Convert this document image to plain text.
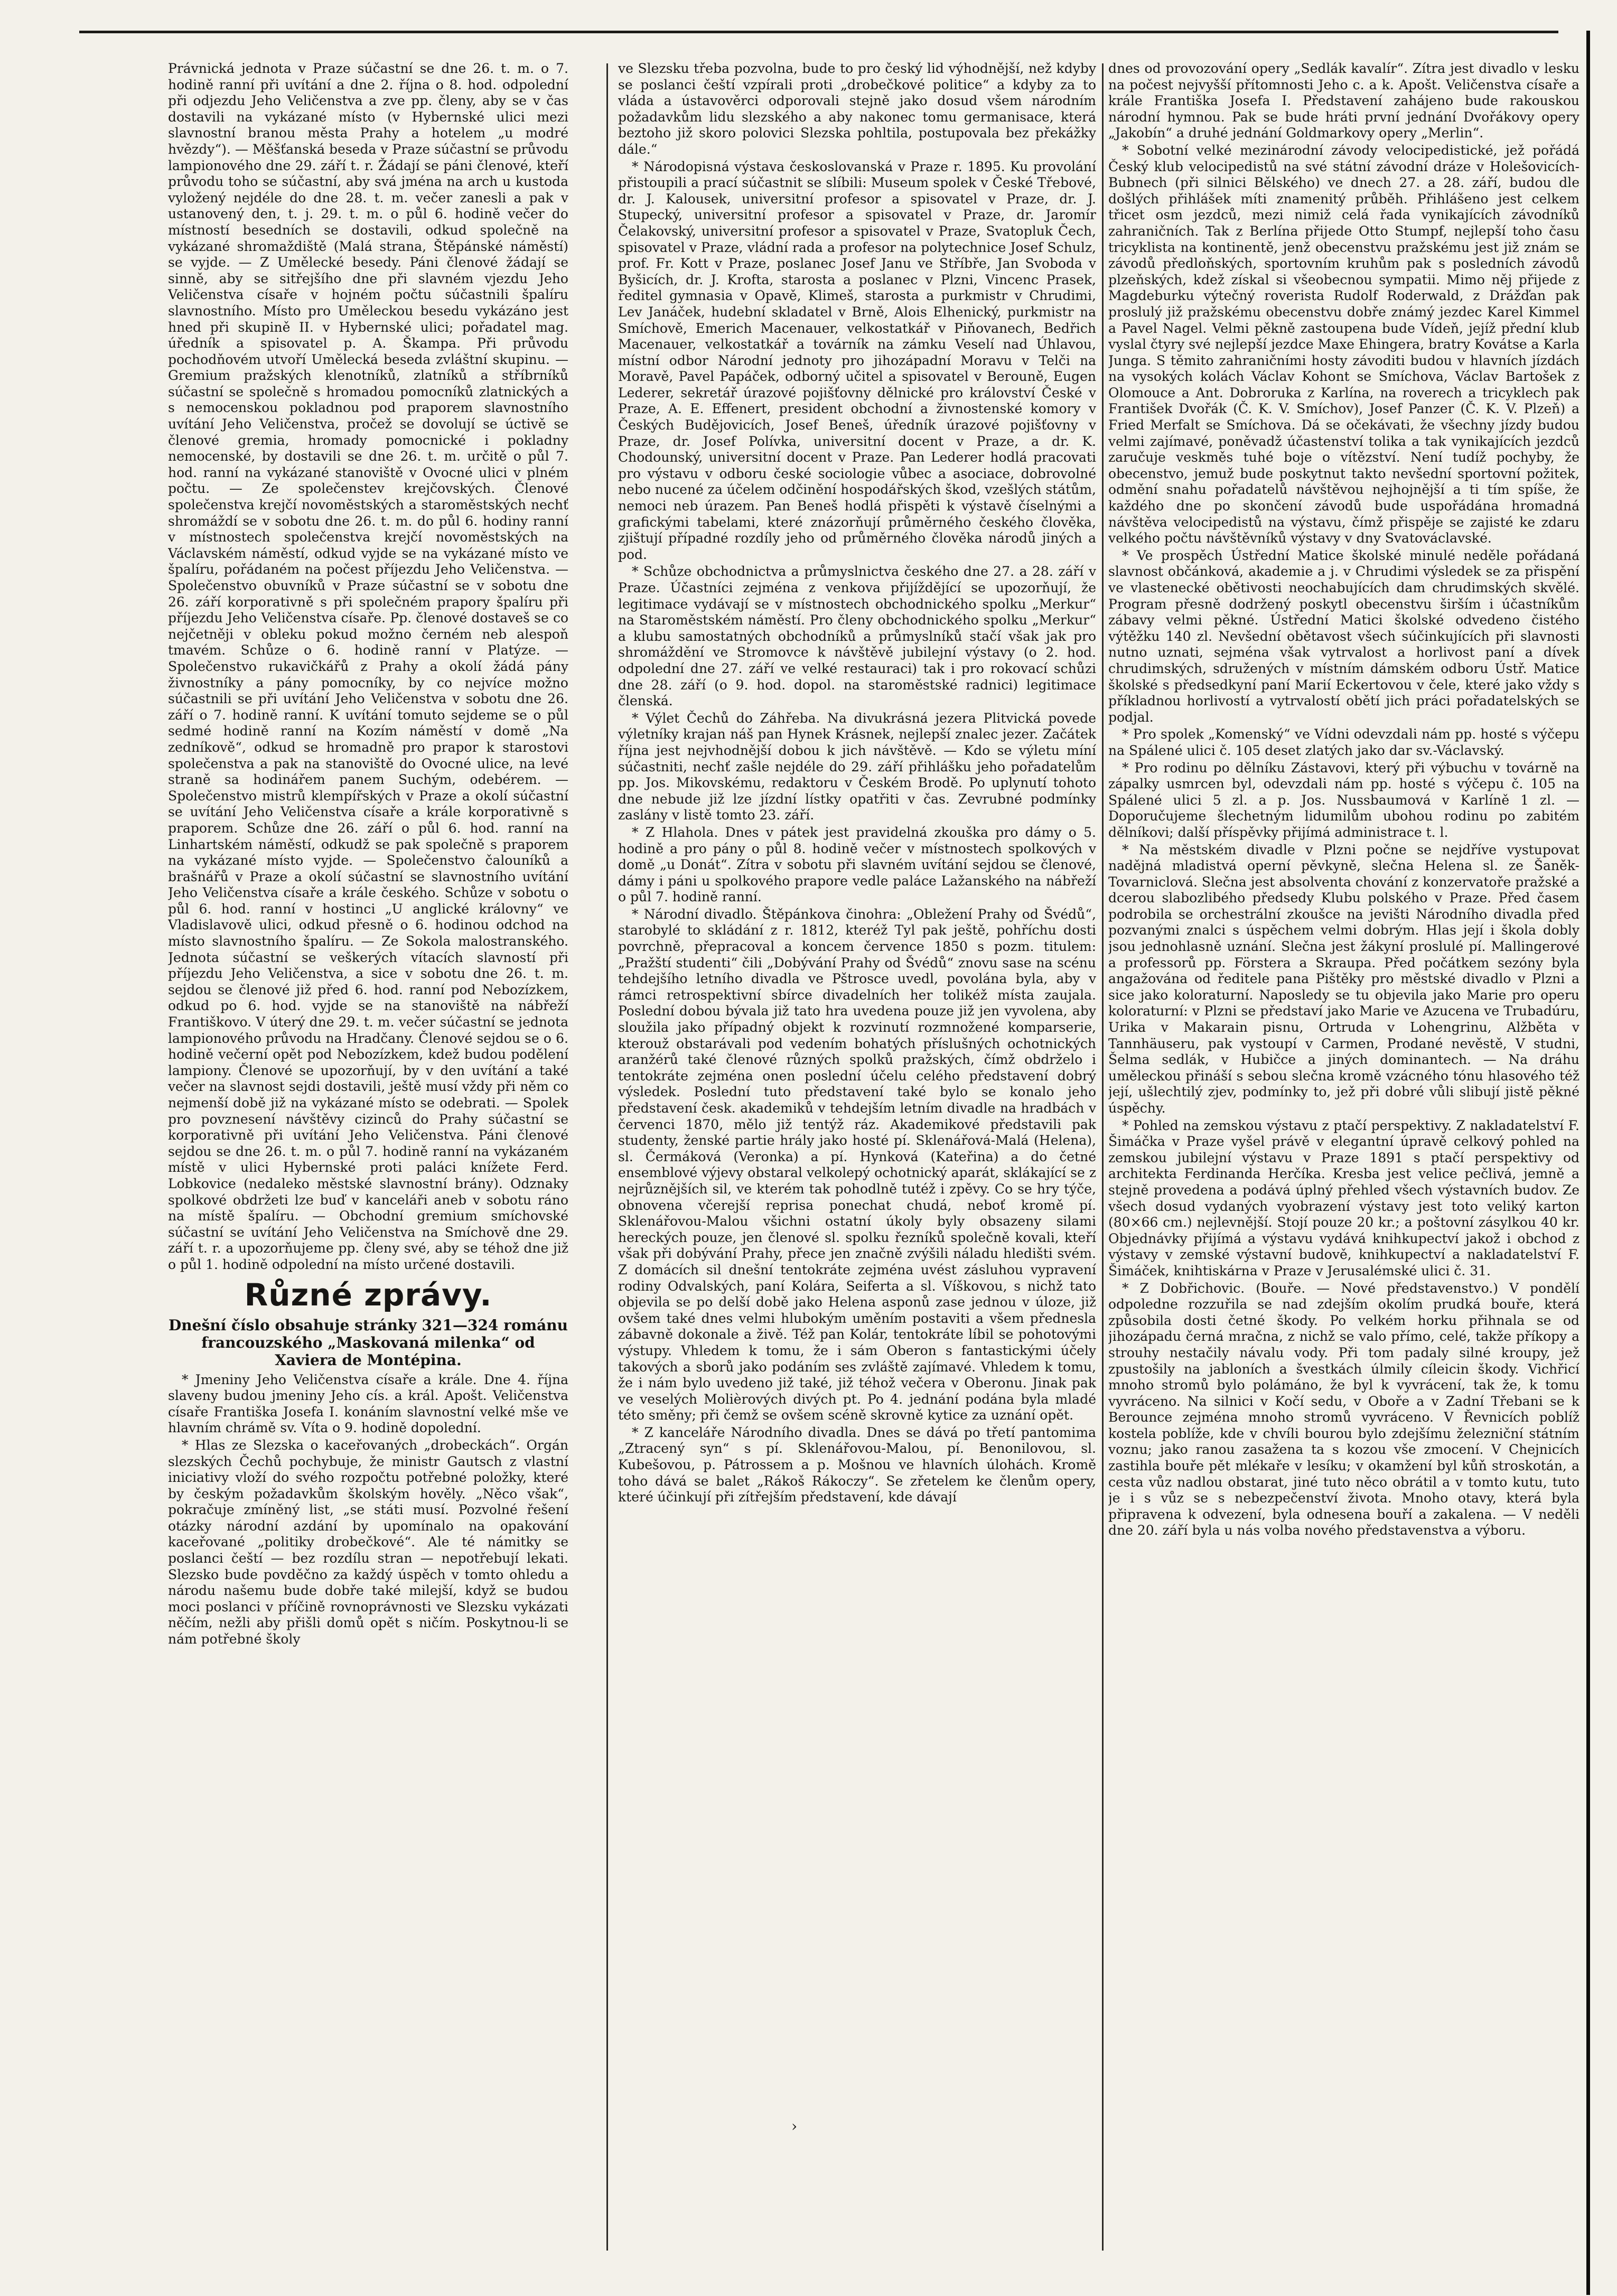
Právnická jednota v Praze súčastní se dne 26. t. m. o 7. hodině ranní při uvítání a dne 2. října o 8. hod. odpolední při odjezdu Jeho Veličenstva a zve pp. členy, aby se v čas dostavili na vykázané místo (v Hybernské ulici mezi slavnostní branou města Prahy a hotelem „u modré hvězdy“). — Měšťanská beseda v Praze súčastní se průvodu lampionového dne 29. září t. r. Žádají se páni členové, kteří průvodu toho se súčastní, aby svá jména na arch u kustoda vyložený nejdéle do dne 28. t. m. večer zanesli a pak v ustanovený den, t. j. 29. t. m. o půl 6. hodině večer do místností besedních se dostavili, odkud společně na vykázané shromaždiště (Malá strana, Štěpánské náměstí) se vyjde. — Z Umělecké besedy. Páni členové žádají se sinně, aby se sitřejšího dne při slavném vjezdu Jeho Veličenstva císaře v hojném počtu súčastnili špalíru slavnostního. Místo pro Uměleckou besedu vykázáno jest hned při skupině II. v Hybernské ulici; pořadatel mag. úředník a spisovatel p. A. Škampa. Při průvodu pochodňovém utvoří Umělecká beseda zvláštní skupinu. — Gremium pražských klenotníků, zlatníků a stříbrníků súčastní se společně s hromadou pomocníků zlatnických a s nemocenskou pokladnou pod praporem slavnostního uvítání Jeho Veličenstva, pročež se dovolují se úctivě se členové gremia, hromady pomocnické i pokladny nemocenské, by dostavili se dne 26. t. m. určitě o půl 7. hod. ranní na vykázané stanoviště v Ovocné ulici v plném počtu. — Ze společenstev krejčovských. Členové společenstva krejčí novoměstských a staroměstských nechť shromáždí se v sobotu dne 26. t. m. do půl 6. hodiny ranní v místnostech společenstva krejčí novoměstských na Václavském náměstí, odkud vyjde se na vykázané místo ve špalíru, pořádaném na počest příjezdu Jeho Veličenstva. — Společenstvo obuvníků v Praze súčastní se v sobotu dne 26. září korporativně s při společném prapory špalíru při příjezdu Jeho Veličenstva císaře. Pp. členové dostaveš se co nejčetněji v obleku pokud možno černém neb alespoň tmavém. Schůze o 6. hodině ranní v Platýze. — Společenstvo rukavičkářů z Prahy a okolí žádá pány živnostníky a pány pomocníky, by co nejvíce možno súčastnili se při uvítání Jeho Veličenstva v sobotu dne 26. září o 7. hodině ranní. K uvítání tomuto sejdeme se o půl sedmé hodině ranní na Kozím náměstí v domě „Na zedníkově“, odkud se hromadně pro prapor k starostovi společenstva a pak na stanoviště do Ovocné ulice, na levé straně sa hodinářem panem Suchým, odebérem. — Společenstvo mistrů klempířských v Praze a okolí súčastní se uvítání Jeho Veličenstva císaře a krále korporativně s praporem. Schůze dne 26. září o půl 6. hod. ranní na Linhartském náměstí, odkudž se pak společně s praporem na vykázané místo vyjde. — Společenstvo čalouníků a brašnářů v Praze a okolí súčastní se slavnostního uvítání Jeho Veličenstva císaře a krále českého. Schůze v sobotu o půl 6. hod. ranní v hostinci „U anglické královny“ ve Vladislavově ulici, odkud přesně o 6. hodinou odchod na místo slavnostního špalíru. — Ze Sokola malostranského. Jednota súčastní se veškerých vítacích slavností při příjezdu Jeho Veličenstva, a sice v sobotu dne 26. t. m. sejdou se členové již před 6. hod. ranní pod Nebozízkem, odkud po 6. hod. vyjde se na stanoviště na nábřeží Františkovo. V úterý dne 29. t. m. večer súčastní se jednota lampionového průvodu na Hradčany. Členové sejdou se o 6. hodině večerní opět pod Nebozízkem, kdež budou podělení lampiony. Členové se upozorňují, by v den uvítání a také večer na slavnost sejdi dostavili, ještě musí vždy při něm co nejmenší době již na vykázané místo se odebrati. — Spolek pro povznesení návštěvy cizinců do Prahy súčastní se korporativně při uvítání Jeho Veličenstva. Páni členové sejdou se dne 26. t. m. o půl 7. hodině ranní na vykázaném místě v ulici Hybernské proti paláci knížete Ferd. Lobkovice (nedaleko městské slavnostní brány). Odznaky spolkové obdržeti lze buď v kanceláři aneb v sobotu ráno na místě špalíru. — Obchodní gremium smíchovské súčastní se uvítání Jeho Veličenstva na Smíchově dne 29. září t. r. a upozorňujeme pp. členy své, aby se téhož dne již o půl 1. hodině odpolední na místo určené dostavili.

Různé zprávy.
Dnešní číslo obsahuje stránky 321—324 románu francouzského „Maskovaná milenka“ od Xaviera de Montépina.

* Jmeniny Jeho Veličenstva císaře a krále. Dne 4. října slaveny budou jmeniny Jeho cís. a král. Apošt. Veličenstva císaře Františka Josefa I. konáním slavnostní velké mše ve hlavním chrámě sv. Víta o 9. hodině dopolední.

* Hlas ze Slezska o kaceřovaných „drobeckách“. Orgán slezských Čechů pochybuje, že ministr Gautsch z vlastní iniciativy vloží do svého rozpočtu potřebné položky, které by českým požadavkům školským hověly. „Něco však“, pokračuje zmíněný list, „se státi musí. Pozvolné řešení otázky národní azdání by upomínalo na opakování kaceřované „politiky drobečkové“. Ale té námitky se poslanci čeští — bez rozdílu stran — nepotřebují lekati. Slezsko bude povděčno za každý úspěch v tomto ohledu a národu našemu bude dobře také milejší, když se budou moci poslanci v příčině rovnoprávnosti ve Slezsku vykázati něčím, nežli aby přišli domů opět s ničím. Poskytnou-li se nám potřebné školy

ve Slezsku třeba pozvolna, bude to pro český lid výhodnější, než kdyby se poslanci čeští vzpírali proti „drobečkové politice“ a kdyby za to vláda a ústavověrci odporovali stejně jako dosud všem národním požadavkům lidu slezského a aby nakonec tomu germanisace, která beztoho již skoro polovici Slezska pohltila, postupovala bez překážky dále.“

* Národopisná výstava českoslovanská v Praze r. 1895. Ku provolání přistoupili a prací súčastnit se slíbili: Museum spolek v České Třebové, dr. J. Kalousek, universitní profesor a spisovatel v Praze, dr. J. Stupecký, universitní profesor a spisovatel v Praze, dr. Jaromír Čelakovský, universitní profesor a spisovatel v Praze, Svatopluk Čech, spisovatel v Praze, vládní rada a profesor na polytechnice Josef Schulz, prof. Fr. Kott v Praze, poslanec Josef Janu ve Stříbře, Jan Svoboda v Byšicích, dr. J. Krofta, starosta a poslanec v Plzni, Vincenc Prasek, ředitel gymnasia v Opavě, Klimeš, starosta a purkmistr v Chrudimi, Lev Janáček, hudební skladatel v Brně, Alois Elhenický, purkmistr na Smíchově, Emerich Macenauer, velkostatkář v Piňovanech, Bedřich Macenauer, velkostatkář a továrník na zámku Veselí nad Úhlavou, místní odbor Národní jednoty pro jihozápadní Moravu v Telči na Moravě, Pavel Papáček, odborný učitel a spisovatel v Berouně, Eugen Lederer, sekretář úrazové pojišťovny dělnické pro království České v Praze, A. E. Effenert, president obchodní a živnostenské komory v Českých Budějovicích, Josef Beneš, úředník úrazové pojišťovny v Praze, dr. Josef Polívka, universitní docent v Praze, a dr. K. Chodounský, universitní docent v Praze. Pan Lederer hodlá pracovati pro výstavu v odboru české sociologie vůbec a asociace, dobrovolné nebo nucené za účelem odčinění hospodářských škod, vzešlých státům, nemoci neb úrazem. Pan Beneš hodlá přispěti k výstavě číselnými a grafickými tabelami, které znázorňují průměrného českého člověka, zjištují případné rozdíly jeho od průměrného člověka národů jiných a pod.

* Schůze obchodnictva a průmyslnictva českého dne 27. a 28. září v Praze. Účastníci zejména z venkova přijíždějící se upozorňují, že legitimace vydávají se v místnostech obchodnického spolku „Merkur“ na Staroměstském náměstí. Pro členy obchodnického spolku „Merkur“ a klubu samostatných obchodníků a průmyslníků stačí však jak pro shromáždění ve Stromovce k návštěvě jubilejní výstavy (o 2. hod. odpolední dne 27. září ve velké restauraci) tak i pro rokovací schůzi dne 28. září (o 9. hod. dopol. na staroměstské radnici) legitimace členská.

* Výlet Čechů do Záhřeba. Na divukrásná jezera Plitvická povede výletníky krajan náš pan Hynek Krásnek, nejlepší znalec jezer. Začátek října jest nejvhodnější dobou k jich návštěvě. — Kdo se výletu míní súčastniti, nechť zašle nejdéle do 29. září přihlášku jeho pořadatelům pp. Jos. Mikovskému, redaktoru v Českém Brodě. Po uplynutí tohoto dne nebude již lze jízdní lístky opatřiti v čas. Zevrubné podmínky zaslány v listě tomto 23. září.

* Z Hlahola. Dnes v pátek jest pravidelná zkouška pro dámy o 5. hodině a pro pány o půl 8. hodině večer v místnostech spolkových v domě „u Donát“. Zítra v sobotu při slavném uvítání sejdou se členové, dámy i páni u spolkového prapore vedle paláce Lažanského na nábřeží o půl 7. hodině ranní.

* Národní divadlo. Štěpánkova činohra: „Obležení Prahy od Švédů“, starobylé to skládání z r. 1812, kteréž Tyl pak ještě, pohříchu dosti povrchně, přepracoval a koncem července 1850 s pozm. titulem: „Pražští studenti“ čili „Dobývání Prahy od Švédů“ znovu sase na scénu tehdejšího letního divadla ve Pštrosce uvedl, povolána byla, aby v rámci retrospektivní sbírce divadelních her tolikéž místa zaujala. Poslední dobou bývala již tato hra uvedena pouze již jen vyvolena, aby sloužila jako případný objekt k rozvinutí rozmnožené komparserie, kterouž obstarávali pod vedením bohatých příslušných ochotnických aranžérů také členové různých spolků pražských, čímž obdrželo i tentokráte zejména onen poslední účelu celého představení dobrý výsledek. Poslední tuto představení také bylo se konalo jeho představení česk. akademiků v tehdejším letním divadle na hradbách v červenci 1870, mělo již tentýž ráz. Akademikové představili pak studenty, ženské partie hrály jako hosté pí. Sklenářová-Malá (Helena), sl. Čermáková (Veronka) a pí. Hynková (Kateřina) a do četné ensemblové výjevy obstaral velkolepý ochotnický aparát, sklákající se z nejrůznějších sil, ve kterém tak pohodlně tutéž i zpěvy. Co se hry týče, obnovena včerejší reprisa ponechat chudá, neboť kromě pí. Sklenářovou-Malou všichni ostatní úkoly byly obsazeny silami hereckých pouze, jen členové sl. spolku řezníků společně kovali, kteří však při dobývání Prahy, přece jen značně zvýšili náladu hledišti svém. Z domácích sil dnešní tentokráte zejména uvést zásluhou vypravení rodiny Odvalských, paní Kolára, Seiferta a sl. Víškovou, s nichž tato objevila se po delší době jako Helena asponů zase jednou v úloze, již ovšem také dnes velmi hlubokým uměním postaviti a všem přednesla zábavně dokonale a živě. Též pan Kolár, tentokráte líbil se pohotovými výstupy. Vhledem k tomu, že i sám Oberon s fantastickými účely takových a sborů jako podáním ses zvláště zajímavé. Vhledem k tomu, že i nám bylo uvedeno již také, již téhož večera v Oberonu. Jinak pak ve veselých Molièrových divých pt. Po 4. jednání podána byla mladé této směny; při čemž se ovšem scéně skrovně kytice za uznání opět.

* Z kanceláře Národního divadla. Dnes se dává po třetí pantomima „Ztracený syn“ s pí. Sklenářovou-Malou, pí. Benonilovou, sl. Kubešovou, p. Pátrossem a p. Mošnou ve hlavních úlohách. Kromě toho dává se balet „Rákoš Rákoczy“. Se zřetelem ke členům opery, které účinkují při zítřejším představení, kde dávají

dnes od provozování opery „Sedlák kavalír“. Zítra jest divadlo v lesku na počest nejvyšší přítomnosti Jeho c. a k. Apošt. Veličenstva císaře a krále Františka Josefa I. Představení zahájeno bude rakouskou národní hymnou. Pak se bude hráti první jednání Dvořákovy opery „Jakobín“ a druhé jednání Goldmarkovy opery „Merlin“.

* Sobotní velké mezinárodní závody velocipedistické, jež pořádá Český klub velocipedistů na své státní závodní dráze v Holešovicích-Bubnech (při silnici Bělského) ve dnech 27. a 28. září, budou dle došlých přihlášek míti znamenitý průběh. Přihlášeno jest celkem třicet osm jezdců, mezi nimiž celá řada vynikajících závodníků zahraničních. Tak z Berlína přijede Otto Stumpf, nejlepší toho času tricyklista na kontinentě, jenž obecenstvu pražskému jest již znám se závodů předloňských, sportovním kruhům pak s posledních závodů plzeňských, kdež získal si všeobecnou sympatii. Mimo něj přijede z Magdeburku výtečný roverista Rudolf Roderwald, z Drážďan pak proslulý již pražskému obecenstvu dobře známý jezdec Karel Kimmel a Pavel Nagel. Velmi pěkně zastoupena bude Vídeň, jejíž přední klub vyslal čtyry své nejlepší jezdce Maxe Ehingera, bratry Kovátse a Karla Junga. S těmito zahraničními hosty závoditi budou v hlavních jízdách na vysokých kolách Václav Kohont se Smíchova, Václav Bartošek z Olomouce a Ant. Dobroruka z Karlína, na roverech a tricyklech pak František Dvořák (Č. K. V. Smíchov), Josef Panzer (Č. K. V. Plzeň) a Fried Merfalt se Smíchova. Dá se očekávati, že všechny jízdy budou velmi zajímavé, poněvadž účastenství tolika a tak vynikajících jezdců zaručuje veskměs tuhé boje o vítězství. Není tudíž pochyby, že obecenstvo, jemuž bude poskytnut takto nevšední sportovní požitek, odmění snahu pořadatelů návštěvou nejhojnější a ti tím spíše, že každého dne po skončení závodů bude uspořádána hromadná návštěva velocipedistů na výstavu, čímž přispěje se zajisté ke zdaru velkého počtu návštěvníků výstavy v dny Svatováclavské.

* Ve prospěch Ústřední Matice školské minulé neděle pořádaná slavnost občánková, akademie a j. v Chrudimi výsledek se za přispění ve vlastenecké obětivosti neochabujících dam chrudimských skvělé. Program přesně dodržený poskytl obecenstvu širším i účastníkům zábavy velmi pěkné. Ústřední Matici školské odvedeno čistého výtěžku 140 zl. Nevšední obětavost všech súčinkujících při slavnosti nutno uznati, sejména však vytrvalost a horlivost paní a dívek chrudimských, sdružených v místním dámském odboru Ústř. Matice školské s předsedkyní paní Marií Eckertovou v čele, které jako vždy s příkladnou horlivostí a vytrvalostí obětí jich práci pořadatelských se podjal.

* Pro spolek „Komenský“ ve Vídni odevzdali nám pp. hosté s výčepu na Spálené ulici č. 105 deset zlatých jako dar sv.-Václavský.

* Pro rodinu po dělníku Zástavovi, který při výbuchu v továrně na zápalky usmrcen byl, odevzdali nám pp. hosté s výčepu č. 105 na Spálené ulici 5 zl. a p. Jos. Nussbaumová v Karlíně 1 zl. — Doporučujeme šlechetným lidumilům ubohou rodinu po zabitém dělníkovi; další příspěvky přijímá administrace t. l.

* Na městském divadle v Plzni počne se nejdříve vystupovat nadějná mladistvá operní pěvkyně, slečna Helena sl. ze Šaněk-Tovarniclová. Slečna jest absolventa chování z konzervatoře pražské a dcerou slabozlibého předsedy Klubu polského v Praze. Před časem podrobila se orchestrální zkoušce na jevišti Národního divadla před pozvanými znalci s úspěchem velmi dobrým. Hlas její i škola dobly jsou jednohlasně uznání. Slečna jest žákyní proslulé pí. Mallingerové a professorů pp. Förstera a Skraupa. Před počátkem sezóny byla angažována od ředitele pana Pištěky pro městské divadlo v Plzni a sice jako koloraturní. Naposledy se tu objevila jako Marie pro operu koloraturní: v Plzni se představí jako Marie ve Azucena ve Trubadúru, Urika v Makarain pisnu, Ortruda v Lohengrinu, Alžběta v Tannhäuseru, pak vystoupí v Carmen, Prodané nevěstě, V studni, Šelma sedlák, v Hubičce a jiných dominantech. — Na dráhu uměleckou přináší s sebou slečna kromě vzácného tónu hlasového též její, ušlechtilý zjev, podmínky to, jež při dobré vůli slibují jistě pěkné úspěchy.

* Pohled na zemskou výstavu z ptačí perspektivy. Z nakladatelství F. Šimáčka v Praze vyšel právě v elegantní úpravě celkový pohled na zemskou jubilejní výstavu v Praze 1891 s ptačí perspektivy od architekta Ferdinanda Herčíka. Kresba jest velice pečlivá, jemně a stejně provedena a podává úplný přehled všech výstavních budov. Ze všech dosud vydaných vyobrazení výstavy jest toto veliký karton (80×66 cm.) nejlevnější. Stojí pouze 20 kr.; a poštovní zásylkou 40 kr. Objednávky přijímá a výstavu vydává knihkupectví jakož i obchod z výstavy v zemské výstavní budově, knihkupectví a nakladatelství F. Šimáček, knihtiskárna v Praze v Jerusalémské ulici č. 31.

* Z Dobřichovic. (Bouře. — Nové představenstvo.) V pondělí odpoledne rozzuřila se nad zdejším okolím prudká bouře, která způsobila dosti četné škody. Po velkém horku přihnala se od jihozápadu černá mračna, z nichž se valo přímo, celé, takže příkopy a strouhy nestačily návalu vody. Při tom padaly silné kroupy, jež zpustošily na jabloních a švestkách úlmily cíleicin škody. Vichřicí mnoho stromů bylo polámáno, že byl k vyvrácení, tak že, k tomu vyvráceno. Na silnici v Kočí sedu, v Oboře a v Zadní Třebani se k Berounce zejména mnoho stromů vyvráceno. V Řevnicích poblíž kostela poblíže, kde v chvíli bourou bylo zdejšímu železniční státním voznu; jako ranou zasažena ta s kozou vše zmocení. V Chejnicích zastihla bouře pět mlékaře v lesíku; v okamžení byl kůň stroskotán, a cesta vůz nadlou obstarat, jiné tuto něco obrátil a v tomto kutu, tuto je i s vůz se s nebezpečenství života. Mnoho otavy, která byla připravena k odvezení, byla odnesena bouří a zakalena. — V neděli dne 20. září byla u nás volba nového představenstva a výboru.

›
